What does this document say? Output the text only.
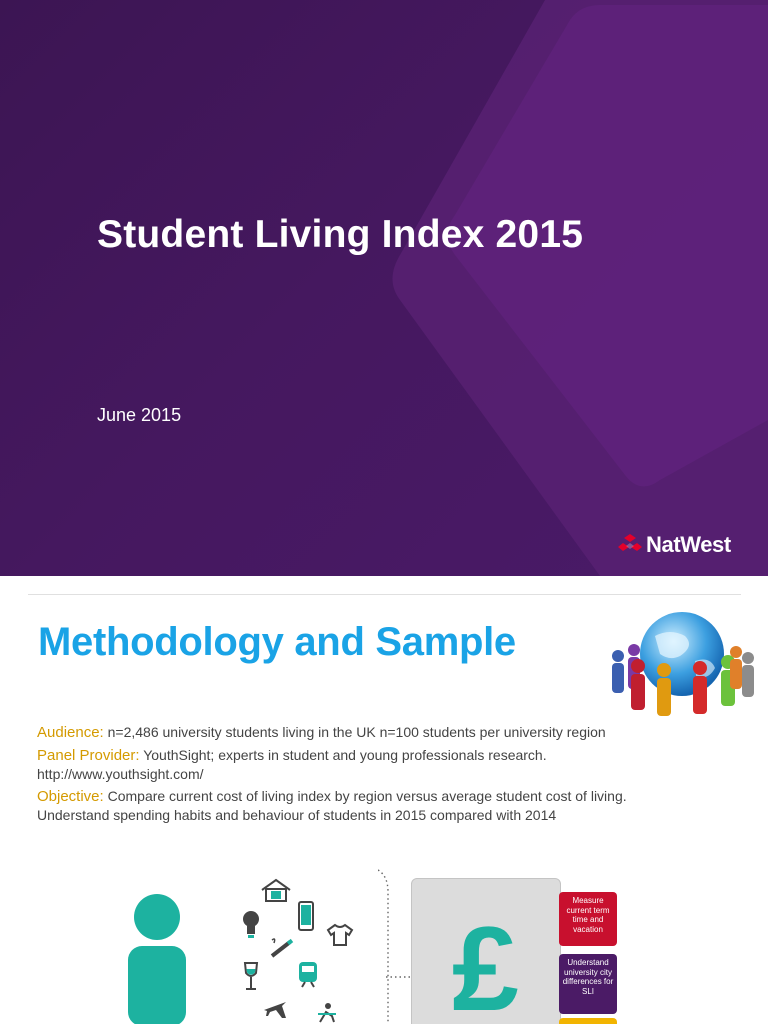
Student Living Index 2015
June 2015
NatWest
Methodology and Sample
Audience: n=2,486 university students living in the UK n=100 students per university region
Panel Provider: YouthSight; experts in student and young professionals research. http://www.youthsight.com/
Objective: Compare current cost of living index by region versus average student cost of living. Understand spending habits and behaviour of students in 2015 compared with 2014
£
Measure current term time and vacation
Understand university city differences for SLI
